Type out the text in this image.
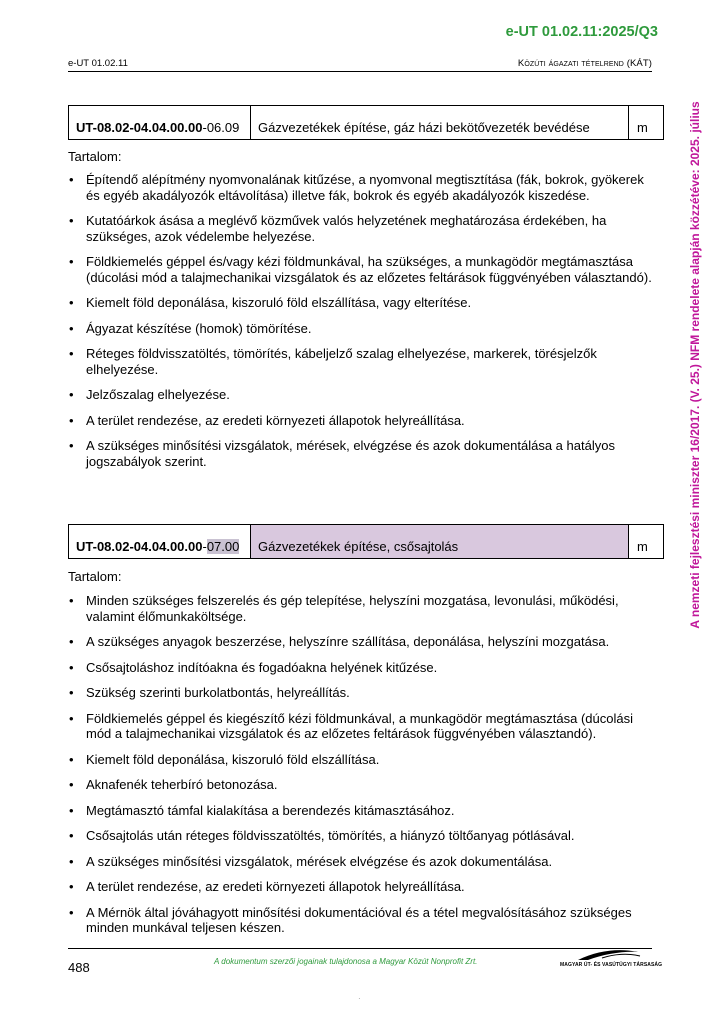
e-UT 01.02.11:2025/Q3
e-UT 01.02.11	Közúti ágazati tételrend (KÁT)
A nemzeti fejlesztési miniszter 16/2017. (V. 25.) NFM rendelete alapján közzétéve: 2025. július
UT-08.02-04.04.00.00 -06.09	Gázvezetékek építése, gáz házi bekötővezeték bevédése	m
Tartalom:
• Építendő alépítmény nyomvonalának kitűzése, a nyomvonal megtisztítása (fák, bokrok, gyökerek és egyéb akadályozók eltávolítása) illetve fák, bokrok és egyéb akadályozók kiszedése.
• Kutatóárkok ásása a meglévő közművek valós helyzetének meghatározása érdekében, ha szükséges, azok védelembe helyezése.
• Földkiemelés géppel és/vagy kézi földmunkával, ha szükséges, a munkagödör megtámasztása (dúcolási mód a talajmechanikai vizsgálatok és az előzetes feltárások függvényében választandó).
• Kiemelt föld deponálása, kiszoruló föld elszállítása, vagy elterítése.
• Ágyazat készítése (homok) tömörítése.
• Réteges földvisszatöltés, tömörítés, kábeljelző szalag elhelyezése, markerek, törésjelzők elhelyezése.
• Jelzőszalag elhelyezése.
• A terület rendezése, az eredeti környezeti állapotok helyreállítása.
• A szükséges minősítési vizsgálatok, mérések, elvégzése és azok dokumentálása a hatályos jogszabályok szerint.
UT-08.02-04.04.00.00 - 07.00	Gázvezetékek építése, csősajtolás	m
Tartalom:
• Minden szükséges felszerelés és gép telepítése, helyszíni mozgatása, levonulási, működési, valamint élőmunkaköltsége.
• A szükséges anyagok beszerzése, helyszínre szállítása, deponálása, helyszíni mozgatása.
• Csősajtoláshoz indítóakna és fogadóakna helyének kitűzése.
• Szükség szerinti burkolatbontás, helyreállítás.
• Földkiemelés géppel és kiegészítő kézi földmunkával, a munkagödör megtámasztása (dúcolási mód a talajmechanikai vizsgálatok és az előzetes feltárások függvényében választandó).
• Kiemelt föld deponálása, kiszoruló föld elszállítása.
• Aknafenék teherbíró betonozása.
• Megtámasztó támfal kialakítása a berendezés kitámasztásához.
• Csősajtolás után réteges földvisszatöltés, tömörítés, a hiányzó töltőanyag pótlásával.
• A szükséges minősítési vizsgálatok, mérések elvégzése és azok dokumentálása.
• A terület rendezése, az eredeti környezeti állapotok helyreállítása.
• A Mérnök által jóváhagyott minősítési dokumentációval és a tétel megvalósításához szükséges minden munkával teljesen készen.
488	A dokumentum szerzői jogainak tulajdonosa a Magyar Közút Nonprofit Zrt.	MAGYAR ÚT- ÉS VASÚTÜGYI TÁRSASÁG
·
